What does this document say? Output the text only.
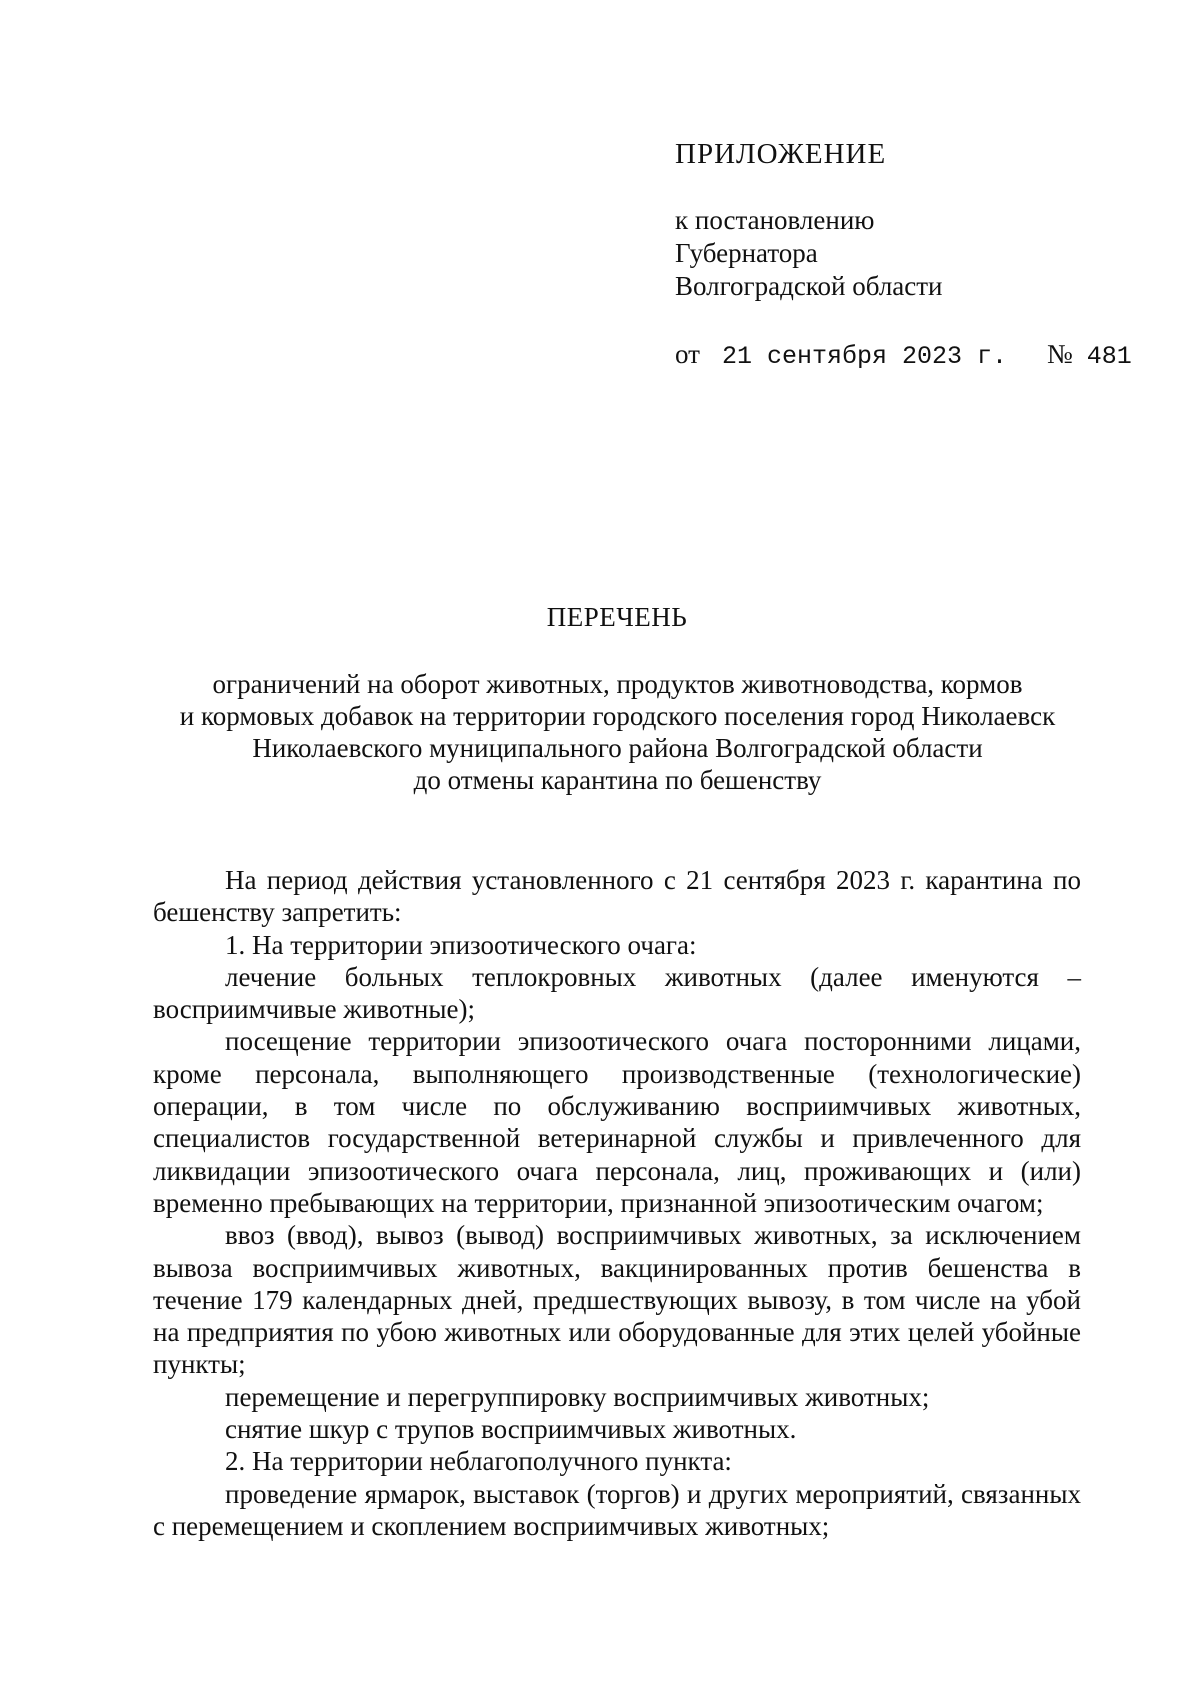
ПРИЛОЖЕНИЕ
к постановлению
Губернатора
Волгоградской области
от 21 сентября 2023 г. № 481
ПЕРЕЧЕНЬ
ограничений на оборот животных, продуктов животноводства, кормов
и кормовых добавок на территории городского поселения город Николаевск
Николаевского муниципального района Волгоградской области
до отмены карантина по бешенству

На период действия установленного с 21 сентября 2023 г. карантина по бешенству запретить:

1. На территории эпизоотического очага:

лечение больных теплокровных животных (далее именуются – восприимчивые животные);

посещение территории эпизоотического очага посторонними лицами, кроме персонала, выполняющего производственные (технологические) операции, в том числе по обслуживанию восприимчивых животных, специалистов государственной ветеринарной службы и привлеченного для ликвидации эпизоотического очага персонала, лиц, проживающих и (или) временно пребывающих на территории, признанной эпизоотическим очагом;

ввоз (ввод), вывоз (вывод) восприимчивых животных, за исключением вывоза восприимчивых животных, вакцинированных против бешенства в течение 179 календарных дней, предшествующих вывозу, в том числе на убой на предприятия по убою животных или оборудованные для этих целей убойные пункты;

перемещение и перегруппировку восприимчивых животных;

снятие шкур с трупов восприимчивых животных.

2. На территории неблагополучного пункта:

проведение ярмарок, выставок (торгов) и других мероприятий, связанных с перемещением и скоплением восприимчивых животных;
